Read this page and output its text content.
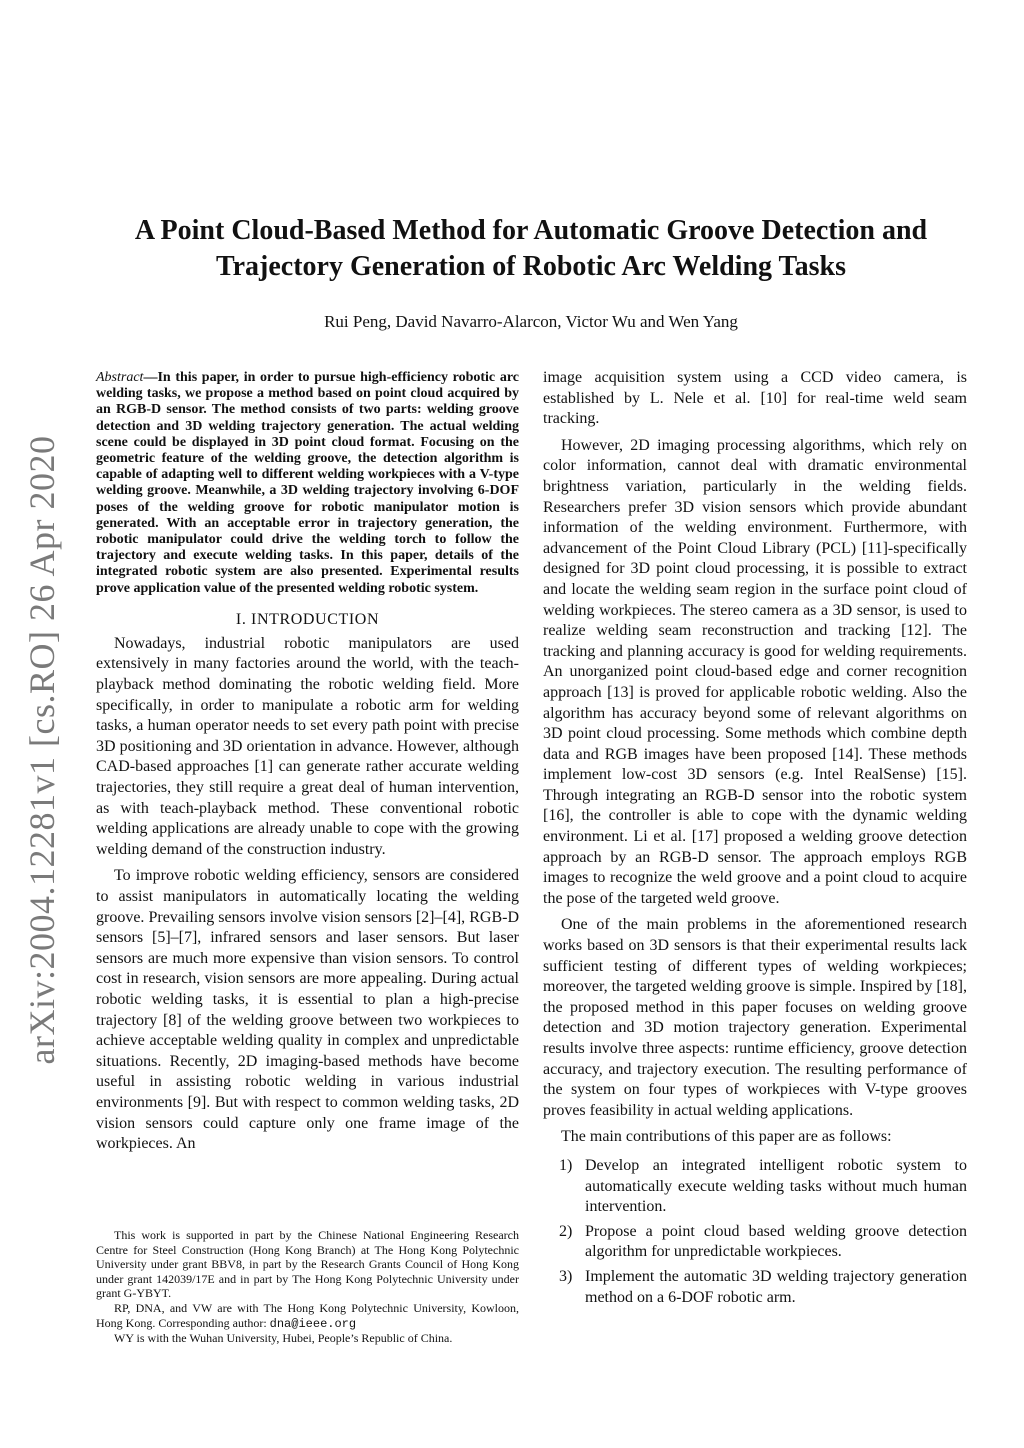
arXiv:2004.12281v1 [cs.RO] 26 Apr 2020
A Point Cloud-Based Method for Automatic Groove Detection and
Trajectory Generation of Robotic Arc Welding Tasks
Rui Peng, David Navarro-Alarcon, Victor Wu and Wen Yang

Abstract—In this paper, in order to pursue high-efficiency robotic arc welding tasks, we propose a method based on point cloud acquired by an RGB-D sensor. The method consists of two parts: welding groove detection and 3D welding trajectory generation. The actual welding scene could be displayed in 3D point cloud format. Focusing on the geometric feature of the welding groove, the detection algorithm is capable of adapting well to different welding workpieces with a V-type welding groove. Meanwhile, a 3D welding trajectory involving 6-DOF poses of the welding groove for robotic manipulator motion is generated. With an acceptable error in trajectory generation, the robotic manipulator could drive the welding torch to follow the trajectory and execute welding tasks. In this paper, details of the integrated robotic system are also presented. Experimental results prove application value of the presented welding robotic system.

I. INTRODUCTION

Nowadays, industrial robotic manipulators are used extensively in many factories around the world, with the teach-playback method dominating the robotic welding field. More specifically, in order to manipulate a robotic arm for welding tasks, a human operator needs to set every path point with precise 3D positioning and 3D orientation in advance. However, although CAD-based approaches [1] can generate rather accurate welding trajectories, they still require a great deal of human intervention, as with teach-playback method. These conventional robotic welding applications are already unable to cope with the growing welding demand of the construction industry.

To improve robotic welding efficiency, sensors are considered to assist manipulators in automatically locating the welding groove. Prevailing sensors involve vision sensors [2]–[4], RGB-D sensors [5]–[7], infrared sensors and laser sensors. But laser sensors are much more expensive than vision sensors. To control cost in research, vision sensors are more appealing. During actual robotic welding tasks, it is essential to plan a high-precise trajectory [8] of the welding groove between two workpieces to achieve acceptable welding quality in complex and unpredictable situations. Recently, 2D imaging-based methods have become useful in assisting robotic welding in various industrial environments [9]. But with respect to common welding tasks, 2D vision sensors could capture only one frame image of the workpieces. An

This work is supported in part by the Chinese National Engineering Research Centre for Steel Construction (Hong Kong Branch) at The Hong Kong Polytechnic University under grant BBV8, in part by the Research Grants Council of Hong Kong under grant 142039/17E and in part by The Hong Kong Polytechnic University under grant G-YBYT.

RP, DNA, and VW are with The Hong Kong Polytechnic University, Kowloon, Hong Kong. Corresponding author: dna@ieee.org

WY is with the Wuhan University, Hubei, People’s Republic of China.

image acquisition system using a CCD video camera, is established by L. Nele et al. [10] for real-time weld seam tracking.

However, 2D imaging processing algorithms, which rely on color information, cannot deal with dramatic environmental brightness variation, particularly in the welding fields. Researchers prefer 3D vision sensors which provide abundant information of the welding environment. Furthermore, with advancement of the Point Cloud Library (PCL) [11]-specifically designed for 3D point cloud processing, it is possible to extract and locate the welding seam region in the surface point cloud of welding workpieces. The stereo camera as a 3D sensor, is used to realize welding seam reconstruction and tracking [12]. The tracking and planning accuracy is good for welding requirements. An unorganized point cloud-based edge and corner recognition approach [13] is proved for applicable robotic welding. Also the algorithm has accuracy beyond some of relevant algorithms on 3D point cloud processing. Some methods which combine depth data and RGB images have been proposed [14]. These methods implement low-cost 3D sensors (e.g. Intel RealSense) [15]. Through integrating an RGB-D sensor into the robotic system [16], the controller is able to cope with the dynamic welding environment. Li et al. [17] proposed a welding groove detection approach by an RGB-D sensor. The approach employs RGB images to recognize the weld groove and a point cloud to acquire the pose of the targeted weld groove.

One of the main problems in the aforementioned research works based on 3D sensors is that their experimental results lack sufficient testing of different types of welding workpieces; moreover, the targeted welding groove is simple. Inspired by [18], the proposed method in this paper focuses on welding groove detection and 3D motion trajectory generation. Experimental results involve three aspects: runtime efficiency, groove detection accuracy, and trajectory execution. The resulting performance of the system on four types of workpieces with V-type grooves proves feasibility in actual welding applications.

The main contributions of this paper are as follows:

1) Develop an integrated intelligent robotic system to automatically execute welding tasks without much human intervention.
2) Propose a point cloud based welding groove detection algorithm for unpredictable workpieces.
3) Implement the automatic 3D welding trajectory generation method on a 6-DOF robotic arm.
